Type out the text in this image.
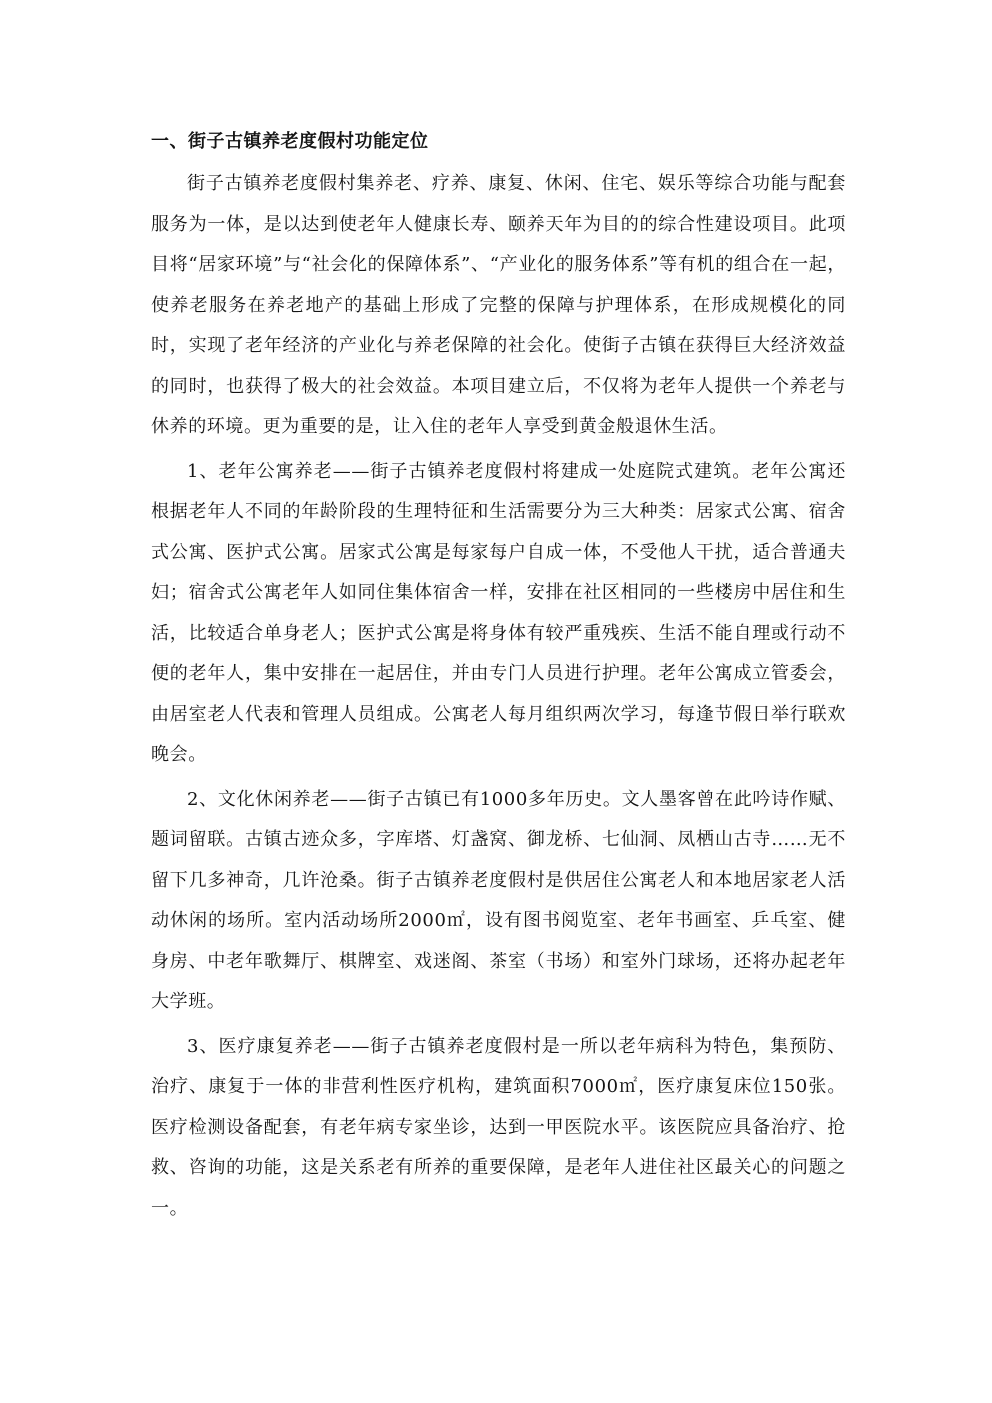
一、街子古镇养老度假村功能定位

街子古镇养老度假村集养老、疗养、康复、休闲、住宅、娱乐等综合功能与配套服务为一体，是以达到使老年人健康长寿、颐养天年为目的的综合性建设项目。此项目将“居家环境”与“社会化的保障体系”、“产业化的服务体系”等有机的组合在一起，使养老服务在养老地产的基础上形成了完整的保障与护理体系，在形成规模化的同时，实现了老年经济的产业化与养老保障的社会化。使街子古镇在获得巨大经济效益的同时，也获得了极大的社会效益。本项目建立后，不仅将为老年人提供一个养老与休养的环境。更为重要的是，让入住的老年人享受到黄金般退休生活。

1、老年公寓养老——街子古镇养老度假村将建成一处庭院式建筑。老年公寓还根据老年人不同的年龄阶段的生理特征和生活需要分为三大种类：居家式公寓、宿舍式公寓、医护式公寓。居家式公寓是每家每户自成一体，不受他人干扰，适合普通夫妇；宿舍式公寓老年人如同住集体宿舍一样，安排在社区相同的一些楼房中居住和生活，比较适合单身老人；医护式公寓是将身体有较严重残疾、生活不能自理或行动不便的老年人，集中安排在一起居住，并由专门人员进行护理。老年公寓成立管委会，由居室老人代表和管理人员组成。公寓老人每月组织两次学习，每逢节假日举行联欢晚会。

2、文化休闲养老——街子古镇已有1000多年历史。文人墨客曾在此吟诗作赋、题词留联。古镇古迹众多，字库塔、灯盏窝、御龙桥、七仙洞、凤栖山古寺……无不留下几多神奇，几许沧桑。街子古镇养老度假村是供居住公寓老人和本地居家老人活动休闲的场所。室内活动场所2000㎡，设有图书阅览室、老年书画室、乒乓室、健身房、中老年歌舞厅、棋牌室、戏迷阁、茶室（书场）和室外门球场，还将办起老年大学班。

3、医疗康复养老——街子古镇养老度假村是一所以老年病科为特色，集预防、治疗、康复于一体的非营利性医疗机构，建筑面积7000㎡，医疗康复床位150张。医疗检测设备配套，有老年病专家坐诊，达到一甲医院水平。该医院应具备治疗、抢救、咨询的功能，这是关系老有所养的重要保障，是老年人进住社区最关心的问题之一。
